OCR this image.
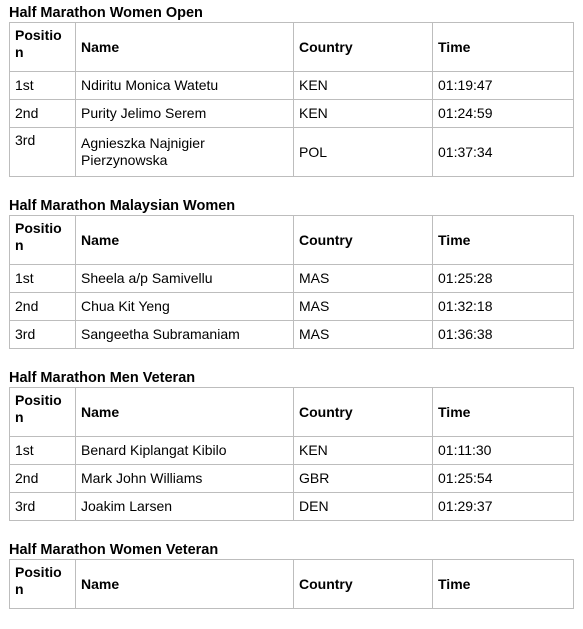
Half Marathon Women Open
Position	Name	Country	Time
1st	Ndiritu Monica Watetu	KEN	01:19:47
2nd	Purity Jelimo Serem	KEN	01:24:59
3rd	Agnieszka Najnigier Pierzynowska	POL	01:37:34
Half Marathon Malaysian Women
Position	Name	Country	Time
1st	Sheela a/p Samivellu	MAS	01:25:28
2nd	Chua Kit Yeng	MAS	01:32:18
3rd	Sangeetha Subramaniam	MAS	01:36:38
Half Marathon Men Veteran
Position	Name	Country	Time
1st	Benard Kiplangat Kibilo	KEN	01:11:30
2nd	Mark John Williams	GBR	01:25:54
3rd	Joakim Larsen	DEN	01:29:37
Half Marathon Women Veteran
Position	Name	Country	Time
